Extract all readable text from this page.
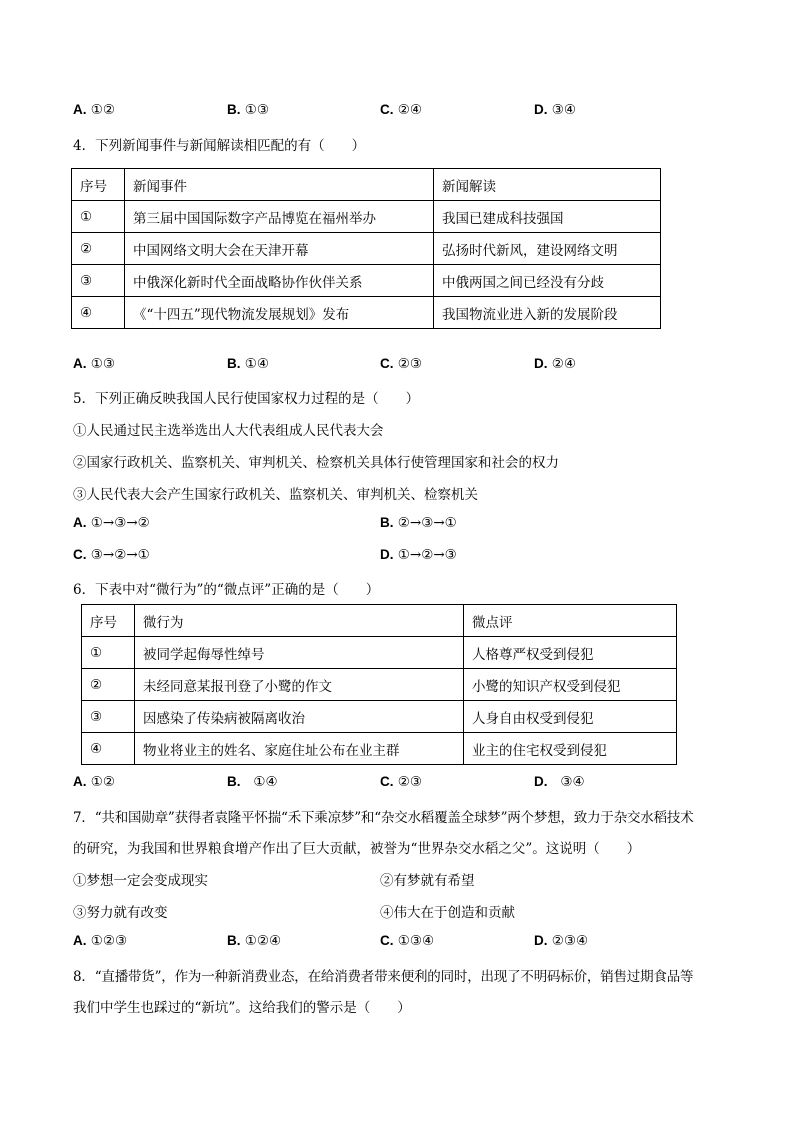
A. ①②	B. ①③	C. ②④	D. ③④
4．下列新闻事件与新闻解读相匹配的有（　　）
序号	新闻事件	新闻解读
①	第三届中国国际数字产品博览在福州举办	我国已建成科技强国
②	中国网络文明大会在天津开幕	弘扬时代新风，建设网络文明
③	中俄深化新时代全面战略协作伙伴关系	中俄两国之间已经没有分歧
④	《“十四五”现代物流发展规划》发布	我国物流业进入新的发展阶段
A. ①③	B. ①④	C. ②③	D. ②④
5．下列正确反映我国人民行使国家权力过程的是（　　）
①人民通过民主选举选出人大代表组成人民代表大会
②国家行政机关、监察机关、审判机关、检察机关具体行使管理国家和社会的权力
③人民代表大会产生国家行政机关、监察机关、审判机关、检察机关
A. ①→③→②	B. ②→③→①
C. ③→②→①	D. ①→②→③
6．下表中对“微行为”的“微点评”正确的是（　　）
序号	微行为	微点评
①	被同学起侮辱性绰号	人格尊严权受到侵犯
②	未经同意某报刊登了小鹭的作文	小鹭的知识产权受到侵犯
③	因感染了传染病被隔离收治	人身自由权受到侵犯
④	物业将业主的姓名、家庭住址公布在业主群	业主的住宅权受到侵犯
A. ①②	B. ①④	C. ②③	D. ③④
7．“共和国勋章”获得者袁隆平怀揣“禾下乘凉梦”和“杂交水稻覆盖全球梦”两个梦想，致力于杂交水稻技术
的研究，为我国和世界粮食增产作出了巨大贡献，被誉为“世界杂交水稻之父”。这说明（　　）
①梦想一定会变成现实	②有梦就有希望
③努力就有改变	④伟大在于创造和贡献
A. ①②③	B. ①②④	C. ①③④	D. ②③④
8．“直播带货”，作为一种新消费业态，在给消费者带来便利的同时，出现了不明码标价，销售过期食品等
我们中学生也踩过的“新坑”。这给我们的警示是（　　）
